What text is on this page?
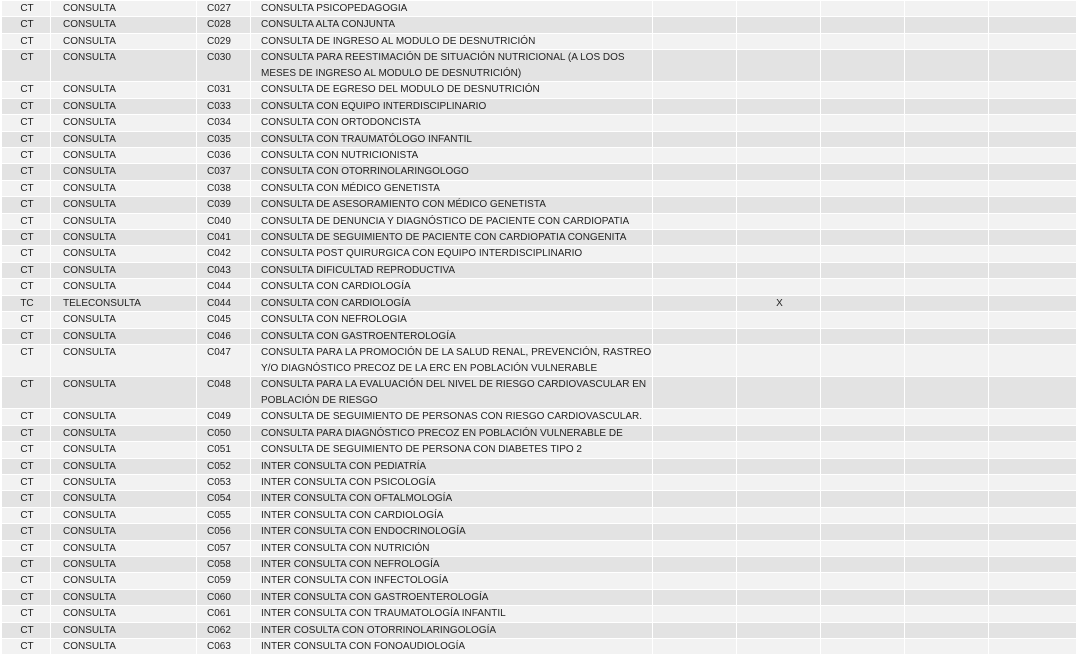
CT	CONSULTA	C027	CONSULTA PSICOPEDAGOGIA					
CT	CONSULTA	C028	CONSULTA ALTA CONJUNTA					
CT	CONSULTA	C029	CONSULTA DE INGRESO AL MODULO DE DESNUTRICIÓN					
CT	CONSULTA	C030	CONSULTA PARA REESTIMACIÓN DE SITUACIÓN NUTRICIONAL (A LOS DOS MESES DE INGRESO AL MODULO DE DESNUTRICIÓN)					
CT	CONSULTA	C031	CONSULTA DE EGRESO DEL MODULO DE DESNUTRICIÓN					
CT	CONSULTA	C033	CONSULTA CON EQUIPO INTERDISCIPLINARIO					
CT	CONSULTA	C034	CONSULTA CON ORTODONCISTA					
CT	CONSULTA	C035	CONSULTA CON TRAUMATÓLOGO INFANTIL					
CT	CONSULTA	C036	CONSULTA CON NUTRICIONISTA					
CT	CONSULTA	C037	CONSULTA CON OTORRINOLARINGOLOGO					
CT	CONSULTA	C038	CONSULTA CON MÉDICO GENETISTA					
CT	CONSULTA	C039	CONSULTA DE ASESORAMIENTO CON MÉDICO GENETISTA					
CT	CONSULTA	C040	CONSULTA DE DENUNCIA Y DIAGNÓSTICO DE PACIENTE CON CARDIOPATIA					
CT	CONSULTA	C041	CONSULTA DE SEGUIMIENTO DE PACIENTE CON CARDIOPATIA CONGENITA					
CT	CONSULTA	C042	CONSULTA POST QUIRURGICA CON EQUIPO INTERDISCIPLINARIO					
CT	CONSULTA	C043	CONSULTA DIFICULTAD REPRODUCTIVA					
CT	CONSULTA	C044	CONSULTA CON CARDIOLOGÍA					
TC	TELECONSULTA	C044	CONSULTA CON CARDIOLOGÍA		X			
CT	CONSULTA	C045	CONSULTA CON NEFROLOGIA					
CT	CONSULTA	C046	CONSULTA CON GASTROENTEROLOGÍA					
CT	CONSULTA	C047	CONSULTA PARA LA PROMOCIÓN DE LA SALUD RENAL, PREVENCIÓN, RASTREO Y/O DIAGNÓSTICO PRECOZ DE LA ERC EN POBLACIÓN VULNERABLE					
CT	CONSULTA	C048	CONSULTA PARA LA EVALUACIÓN DEL NIVEL DE RIESGO CARDIOVASCULAR EN POBLACIÓN DE RIESGO					
CT	CONSULTA	C049	CONSULTA DE SEGUIMIENTO DE PERSONAS CON RIESGO CARDIOVASCULAR.					
CT	CONSULTA	C050	CONSULTA PARA DIAGNÓSTICO PRECOZ EN POBLACIÓN VULNERABLE DE					
CT	CONSULTA	C051	CONSULTA DE SEGUIMIENTO DE PERSONA CON DIABETES TIPO 2					
CT	CONSULTA	C052	INTER CONSULTA CON PEDIATRÍA					
CT	CONSULTA	C053	INTER CONSULTA CON PSICOLOGÍA					
CT	CONSULTA	C054	INTER CONSULTA CON OFTALMOLOGÍA					
CT	CONSULTA	C055	INTER CONSULTA CON CARDIOLOGÍA					
CT	CONSULTA	C056	INTER CONSULTA CON ENDOCRINOLOGÍA					
CT	CONSULTA	C057	INTER CONSULTA CON NUTRICIÓN					
CT	CONSULTA	C058	INTER CONSULTA CON NEFROLOGÍA					
CT	CONSULTA	C059	INTER CONSULTA CON INFECTOLOGÍA					
CT	CONSULTA	C060	INTER CONSULTA CON GASTROENTEROLOGÍA					
CT	CONSULTA	C061	INTER CONSULTA CON TRAUMATOLOGÍA INFANTIL					
CT	CONSULTA	C062	INTER COSULTA CON OTORRINOLARINGOLOGÍA					
CT	CONSULTA	C063	INTER CONSULTA CON FONOAUDIOLOGÍA					
